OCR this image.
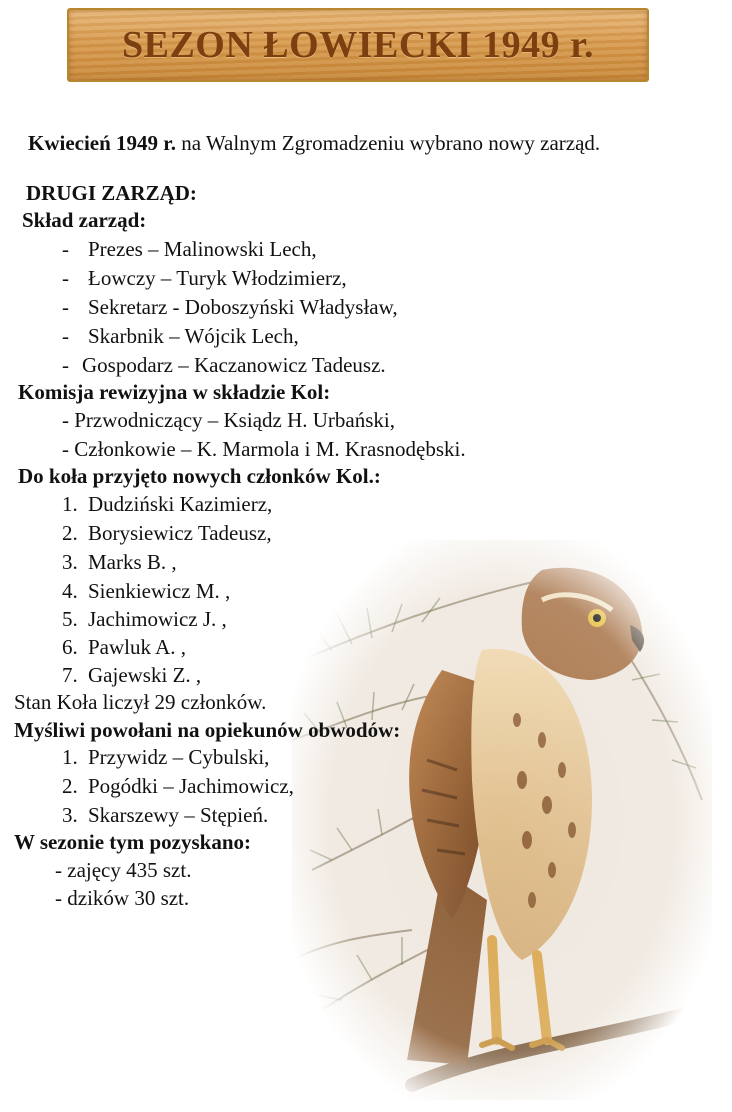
SEZON ŁOWIECKI 1949 r.
Kwiecień 1949 r. na Walnym Zgromadzeniu wybrano nowy zarząd.
DRUGI ZARZĄD:
Skład zarząd:
- Prezes – Malinowski Lech,
- Łowczy – Turyk Włodzimierz,
- Sekretarz - Doboszyński Władysław,
- Skarbnik – Wójcik Lech,
- Gospodarz – Kaczanowicz Tadeusz.
Komisja rewizyjna w składzie Kol:
- Przwodniczący – Ksiądz H. Urbański,
- Członkowie – K. Marmola i M. Krasnodębski.
Do koła przyjęto nowych członków Kol.:
1. Dudziński Kazimierz,
2. Borysiewicz Tadeusz,
3. Marks B. ,
4. Sienkiewicz M. ,
5. Jachimowicz J. ,
6. Pawluk A. ,
7. Gajewski Z. ,
Stan Koła liczył 29 członków.
Myśliwi powołani na opiekunów obwodów:
1. Przywidz – Cybulski,
2. Pogódki – Jachimowicz,
3. Skarszewy – Stępień.
W sezonie tym pozyskano:
- zajęcy 435 szt.
- dzików 30 szt.
